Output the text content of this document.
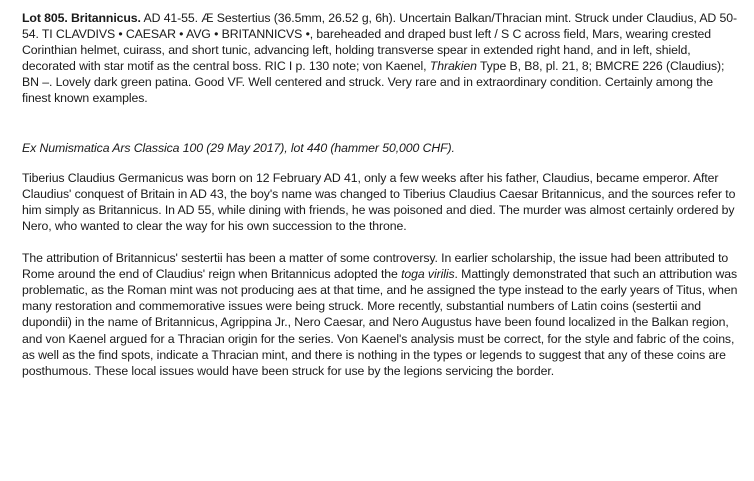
Lot 805. Britannicus. AD 41-55. Æ Sestertius (36.5mm, 26.52 g, 6h). Uncertain Balkan/Thracian mint. Struck under Claudius, AD 50-54. TI CLAVDIVS • CAESAR • AVG • BRITANNICVS •, bareheaded and draped bust left / S C across field, Mars, wearing crested Corinthian helmet, cuirass, and short tunic, advancing left, holding transverse spear in extended right hand, and in left, shield, decorated with star motif as the central boss. RIC I p. 130 note; von Kaenel, Thrakien Type B, B8, pl. 21, 8; BMCRE 226 (Claudius); BN –. Lovely dark green patina. Good VF. Well centered and struck. Very rare and in extraordinary condition. Certainly among the finest known examples.

Ex Numismatica Ars Classica 100 (29 May 2017), lot 440 (hammer 50,000 CHF).

Tiberius Claudius Germanicus was born on 12 February AD 41, only a few weeks after his father, Claudius, became emperor. After Claudius' conquest of Britain in AD 43, the boy's name was changed to Tiberius Claudius Caesar Britannicus, and the sources refer to him simply as Britannicus. In AD 55, while dining with friends, he was poisoned and died. The murder was almost certainly ordered by Nero, who wanted to clear the way for his own succession to the throne.

The attribution of Britannicus' sestertii has been a matter of some controversy. In earlier scholarship, the issue had been attributed to Rome around the end of Claudius' reign when Britannicus adopted the toga virilis. Mattingly demonstrated that such an attribution was problematic, as the Roman mint was not producing aes at that time, and he assigned the type instead to the early years of Titus, when many restoration and commemorative issues were being struck. More recently, substantial numbers of Latin coins (sestertii and dupondii) in the name of Britannicus, Agrippina Jr., Nero Caesar, and Nero Augustus have been found localized in the Balkan region, and von Kaenel argued for a Thracian origin for the series. Von Kaenel's analysis must be correct, for the style and fabric of the coins, as well as the find spots, indicate a Thracian mint, and there is nothing in the types or legends to suggest that any of these coins are posthumous. These local issues would have been struck for use by the legions servicing the border.
